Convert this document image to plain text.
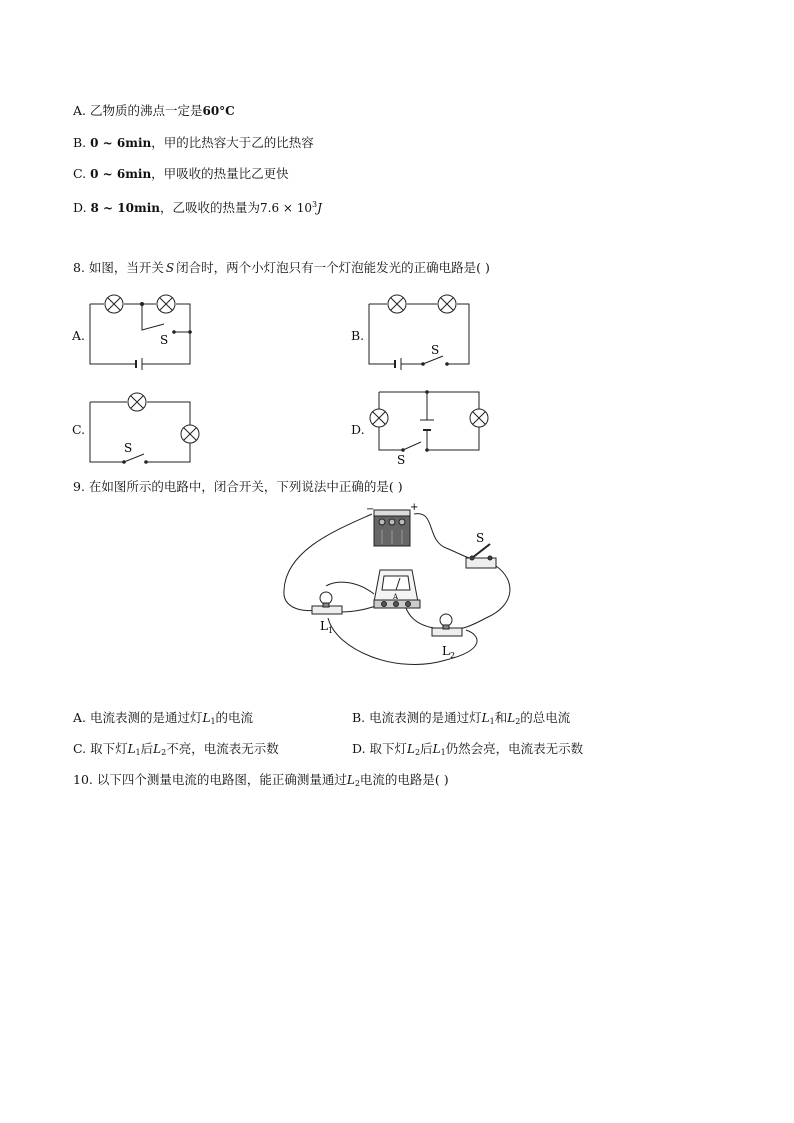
A. 乙物质的沸点一定是60°C
B. 0 ~ 6min，甲的比热容大于乙的比热容
C. 0 ~ 6min，甲吸收的热量比乙更快
D. 8 ~ 10min，乙吸收的热量为$7.6 \times 10^3J$
8. 如图，当开关 S 闭合时，两个小灯泡只有一个灯泡能发光的正确电路是( )
A.	B.
C.	D.
S
S
S
S
9. 在如图所示的电路中，闭合开关，下列说法中正确的是( )
−	+
S
A
$L_1$
$L_2$
A. 电流表测的是通过灯$L_1$的电流	B. 电流表测的是通过灯$L_1$和$L_2$的总电流
C. 取下灯$L_1$后$L_2$不亮，电流表无示数	D. 取下灯$L_2$后$L_1$仍然会亮，电流表无示数
10. 以下四个测量电流的电路图，能正确测量通过$L_2$电流的电路是( )
